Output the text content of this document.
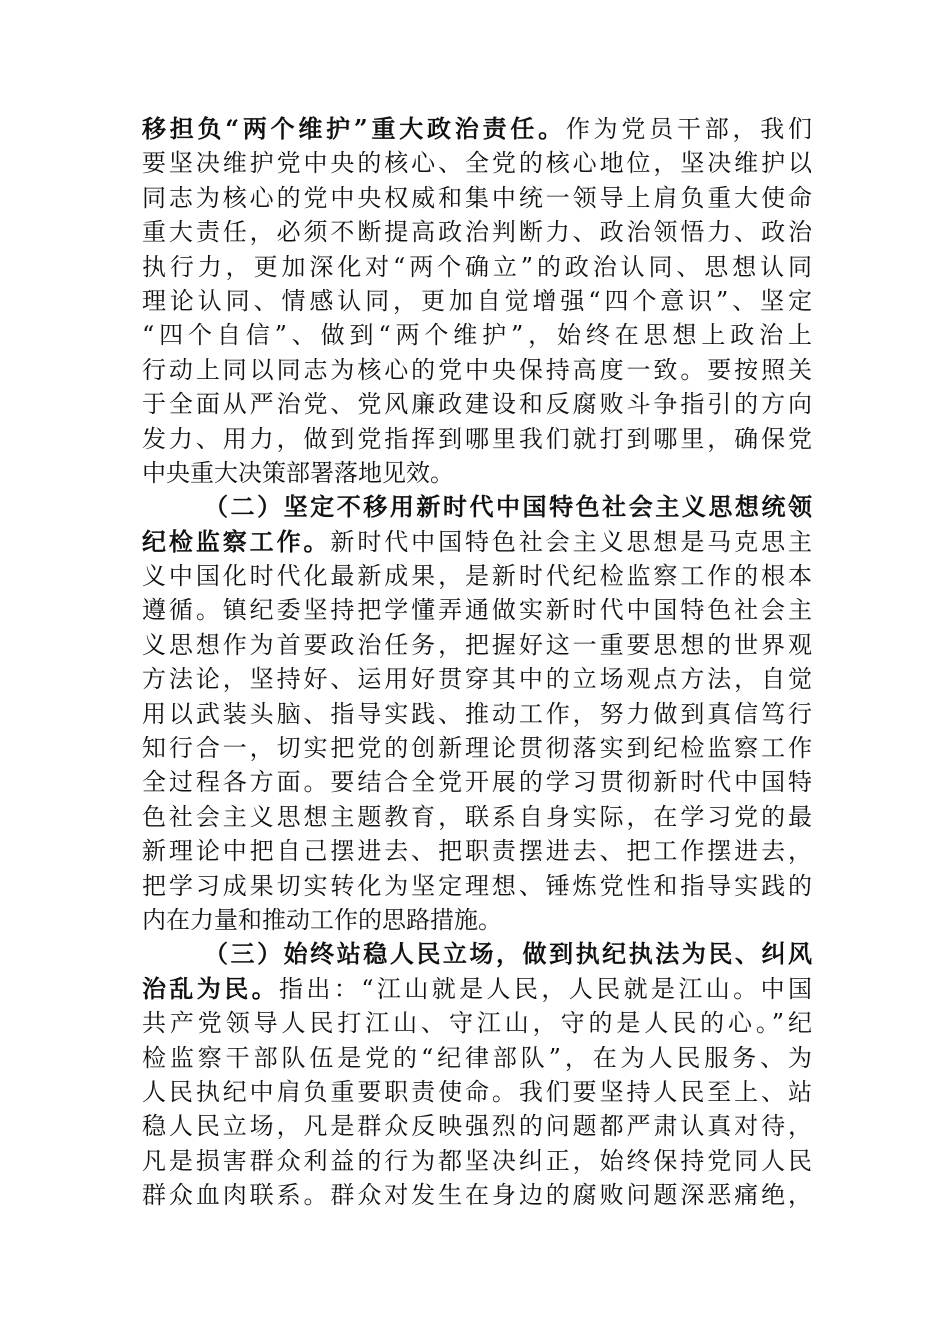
移担负“两个维护”重大政治责任。作为党员干部，我们
要坚决维护党中央的核心、全党的核心地位，坚决维护以
同志为核心的党中央权威和集中统一领导上肩负重大使命
重大责任，必须不断提高政治判断力、政治领悟力、政治
执行力，更加深化对“两个确立”的政治认同、思想认同
理论认同、情感认同，更加自觉增强“四个意识”、坚定
“四个自信”、做到“两个维护”，始终在思想上政治上
行动上同以同志为核心的党中央保持高度一致。要按照关
于全面从严治党、党风廉政建设和反腐败斗争指引的方向
发力、用力，做到党指挥到哪里我们就打到哪里，确保党
中央重大决策部署落地见效。
（二）坚定不移用新时代中国特色社会主义思想统领
纪检监察工作。新时代中国特色社会主义思想是马克思主
义中国化时代化最新成果，是新时代纪检监察工作的根本
遵循。镇纪委坚持把学懂弄通做实新时代中国特色社会主
义思想作为首要政治任务，把握好这一重要思想的世界观
方法论，坚持好、运用好贯穿其中的立场观点方法，自觉
用以武装头脑、指导实践、推动工作，努力做到真信笃行
知行合一，切实把党的创新理论贯彻落实到纪检监察工作
全过程各方面。要结合全党开展的学习贯彻新时代中国特
色社会主义思想主题教育，联系自身实际，在学习党的最
新理论中把自己摆进去、把职责摆进去、把工作摆进去，
把学习成果切实转化为坚定理想、锤炼党性和指导实践的
内在力量和推动工作的思路措施。
（三）始终站稳人民立场，做到执纪执法为民、纠风
治乱为民。指出：“江山就是人民，人民就是江山。中国
共产党领导人民打江山、守江山，守的是人民的心。”纪
检监察干部队伍是党的“纪律部队”，在为人民服务、为
人民执纪中肩负重要职责使命。我们要坚持人民至上、站
稳人民立场，凡是群众反映强烈的问题都严肃认真对待，
凡是损害群众利益的行为都坚决纠正，始终保持党同人民
群众血肉联系。群众对发生在身边的腐败问题深恶痛绝，
